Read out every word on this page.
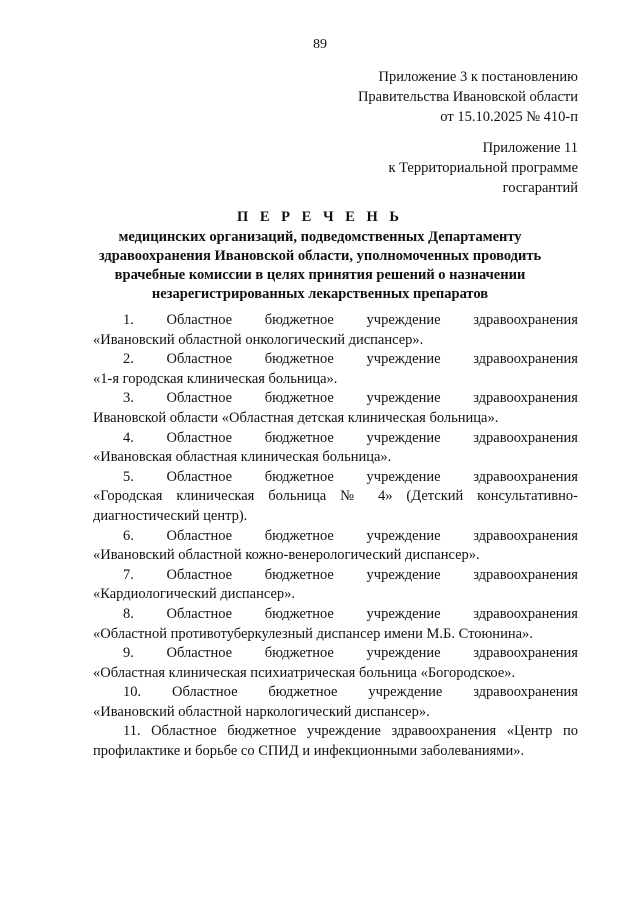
89
Приложение 3 к постановлению
Правительства Ивановской области
от 15.10.2025 № 410-п
Приложение 11
к Территориальной программе
госгарантий
П Е Р Е Ч Е Н Ь
медицинских организаций, подведомственных Департаменту
здравоохранения Ивановской области, уполномоченных проводить
врачебные комиссии в целях принятия решений о назначении
незарегистрированных лекарственных препаратов
1. Областное бюджетное учреждение здравоохранения
«Ивановский областной онкологический диспансер».
2. Областное бюджетное учреждение здравоохранения
«1-я городская клиническая больница».
3. Областное бюджетное учреждение здравоохранения
Ивановской области «Областная детская клиническая больница».
4. Областное бюджетное учреждение здравоохранения
«Ивановская областная клиническая больница».
5. Областное бюджетное учреждение здравоохранения
«Городская клиническая больница № 4» (Детский консультативно-
диагностический центр).
6. Областное бюджетное учреждение здравоохранения
«Ивановский областной кожно-венерологический диспансер».
7. Областное бюджетное учреждение здравоохранения
«Кардиологический диспансер».
8. Областное бюджетное учреждение здравоохранения
«Областной противотуберкулезный диспансер имени М.Б. Стоюнина».
9. Областное бюджетное учреждение здравоохранения
«Областная клиническая психиатрическая больница «Богородское».
10. Областное бюджетное учреждение здравоохранения
«Ивановский областной наркологический диспансер».
11. Областное бюджетное учреждение здравоохранения «Центр по профилактике и борьбе со СПИД и инфекционными заболеваниями».
